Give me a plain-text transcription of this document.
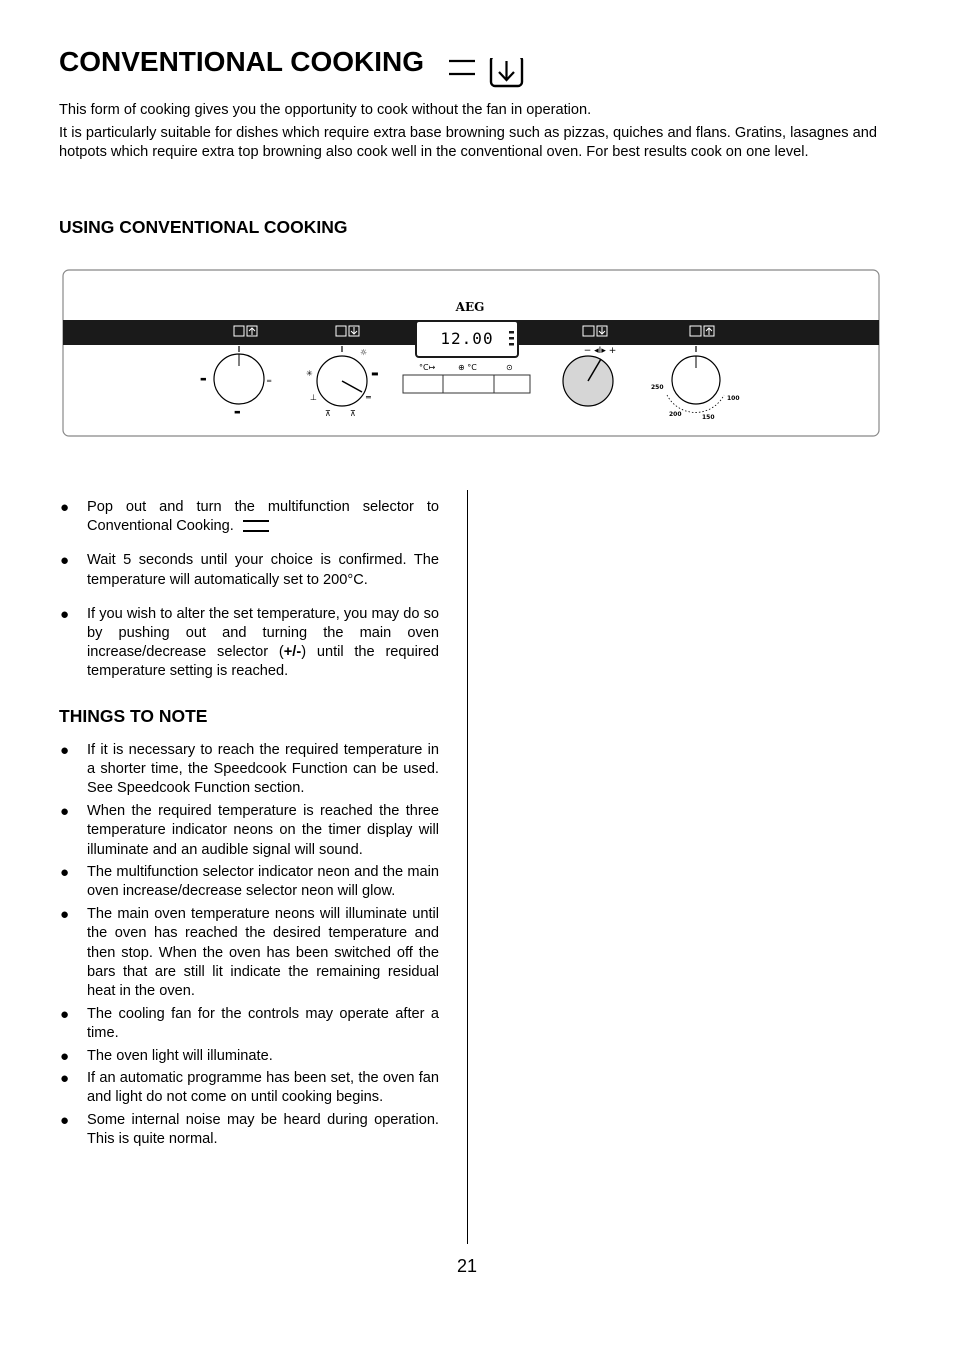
CONVENTIONAL COOKING

This form of cooking gives you the opportunity to cook without the fan in operation.

It is particularly suitable for dishes which require extra base browning such as pizzas, quiches and flans. Gratins, lasagnes and hotpots which require extra top browning also cook well in the conventional oven. For best results cook on one level.

USING CONVENTIONAL COOKING
AEG
12.00
◂▸
°C↦	⊕ °C	⊙
▬	═
▬
☼
✳	▬
⊥	═
⊼ ⊼
− ◂I▸ +
250
200	150
100
● Pop out and turn the multifunction selector to Conventional Cooking.
● Wait 5 seconds until your choice is confirmed. The temperature will automatically set to 200°C.
● If you wish to alter the set temperature, you may do so by pushing out and turning the main oven increase/decrease selector (+/-) until the required temperature setting is reached.
THINGS TO NOTE
● If it is necessary to reach the required temperature in a shorter time, the Speedcook Function can be used. See Speedcook Function section.
● When the required temperature is reached the three temperature indicator neons on the timer display will illuminate and an audible signal will sound.
● The multifunction selector indicator neon and the main oven increase/decrease selector neon will glow.
● The main oven temperature neons will illuminate until the oven has reached the desired temperature and then stop. When the oven has been switched off the bars that are still lit indicate the remaining residual heat in the oven.
● The cooling fan for the controls may operate after a time.
● The oven light will illuminate.
● If an automatic programme has been set, the oven fan and light do not come on until cooking begins.
● Some internal noise may be heard during operation. This is quite normal.
21
